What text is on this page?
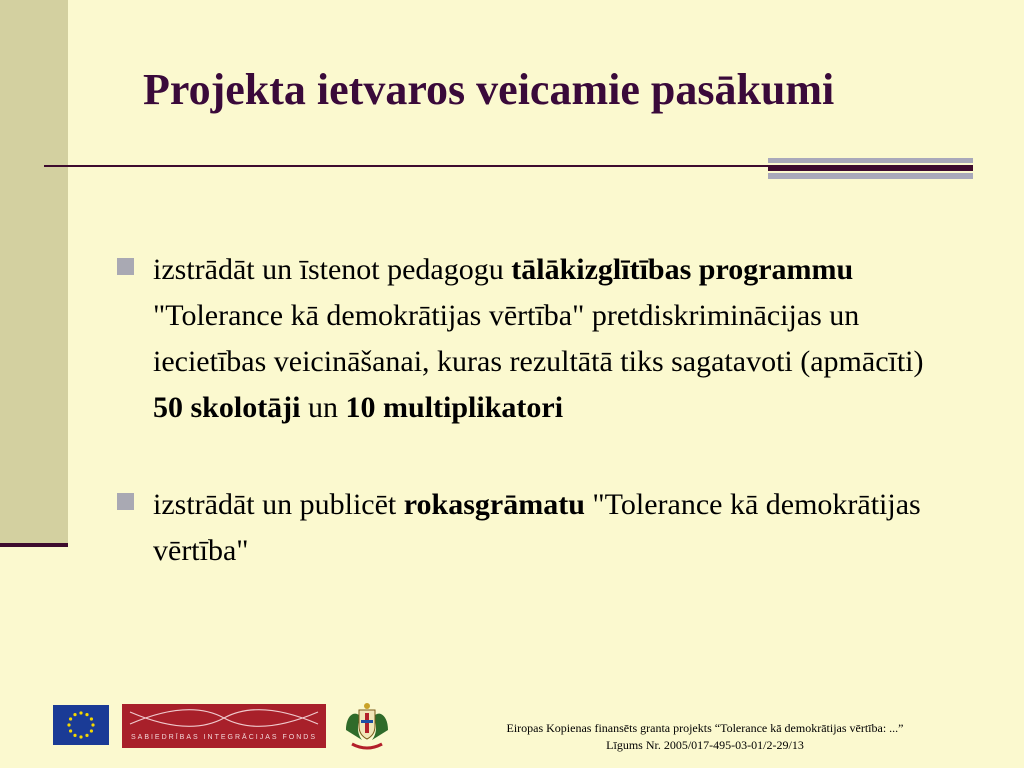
Projekta ietvaros veicamie pasākumi
izstrādāt un īstenot pedagogu tālākizglītības programmu "Tolerance kā demokrātijas vērtība" pretdiskriminācijas un iecietības veicināšanai, kuras rezultātā tiks sagatavoti (apmācīti) 50 skolotāji un 10 multiplikatori
izstrādāt un publicēt rokasgrāmatu "Tolerance kā demokrātijas vērtība"
SABIEDRĪBAS INTEGRĀCIJAS FONDS
Eiropas Kopienas finansēts granta projekts “Tolerance kā demokrātijas vērtība: ...”
Līgums Nr. 2005/017-495-03-01/2-29/13
